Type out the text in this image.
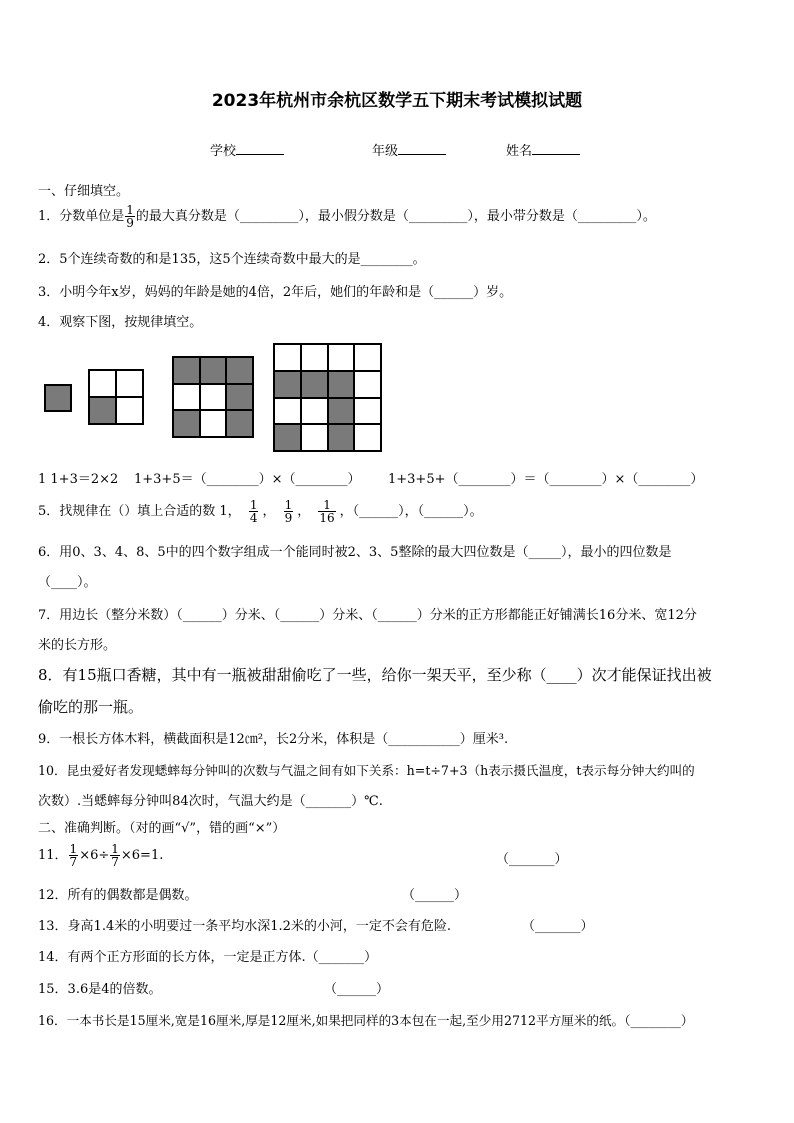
2023年杭州市余杭区数学五下期末考试模拟试题
学校	年级	姓名
一、仔细填空。
1．分数单位是 $\frac{1}{9}$ 的最大真分数是（_________），最小假分数是（_________），最小带分数是（_________）。
2．5个连续奇数的和是135，这5个连续奇数中最大的是________。
3．小明今年x岁，妈妈的年龄是她的4倍，2年后，她们的年龄和是（______）岁。
4．观察下图，按规律填空。
1 1+3＝2×2 1+3+5＝（________）×（________） 1+3+5+（________）＝（________）×（________）
5．找规律在（）填上合适的数 1， $\frac{1}{4}$ ， $\frac{1}{9}$ ， $\frac{1}{16}$ ，（______），（______）。
6．用0、3、4、8、5中的四个数字组成一个能同时被2、3、5整除的最大四位数是（_____），最小的四位数是
（____）。
7．用边长（整分米数）（______）分米、（______）分米、（______）分米的正方形都能正好铺满长16分米、宽12分
米的长方形。
8．有15瓶口香糖，其中有一瓶被甜甜偷吃了一些，给你一架天平，至少称（____）次才能保证找出被
偷吃的那一瓶。
9．一根长方体木料，横截面积是12㎝²，长2分米，体积是（___________）厘米³.
10．昆虫爱好者发现蟋蟀每分钟叫的次数与气温之间有如下关系：h=t÷7+3（h表示摄氏温度，t表示每分钟大约叫的
次数）.当蟋蟀每分钟叫84次时，气温大约是（_______）℃.
二、准确判断。（对的画“√”，错的画“×”）
11． $\frac{1}{7} \times 6\div \frac{1}{7} \times 6=1$.	（_______）
12．所有的偶数都是偶数。	（______）
13．身高1.4米的小明要过一条平均水深1.2米的小河，一定不会有危险.	（_______）
14．有两个正方形面的长方体，一定是正方体.（_______）
15．3.6是4的倍数。	（______）
16．一本书长是15厘米,宽是16厘米,厚是12厘米,如果把同样的3本包在一起,至少用2712平方厘米的纸。（________）
